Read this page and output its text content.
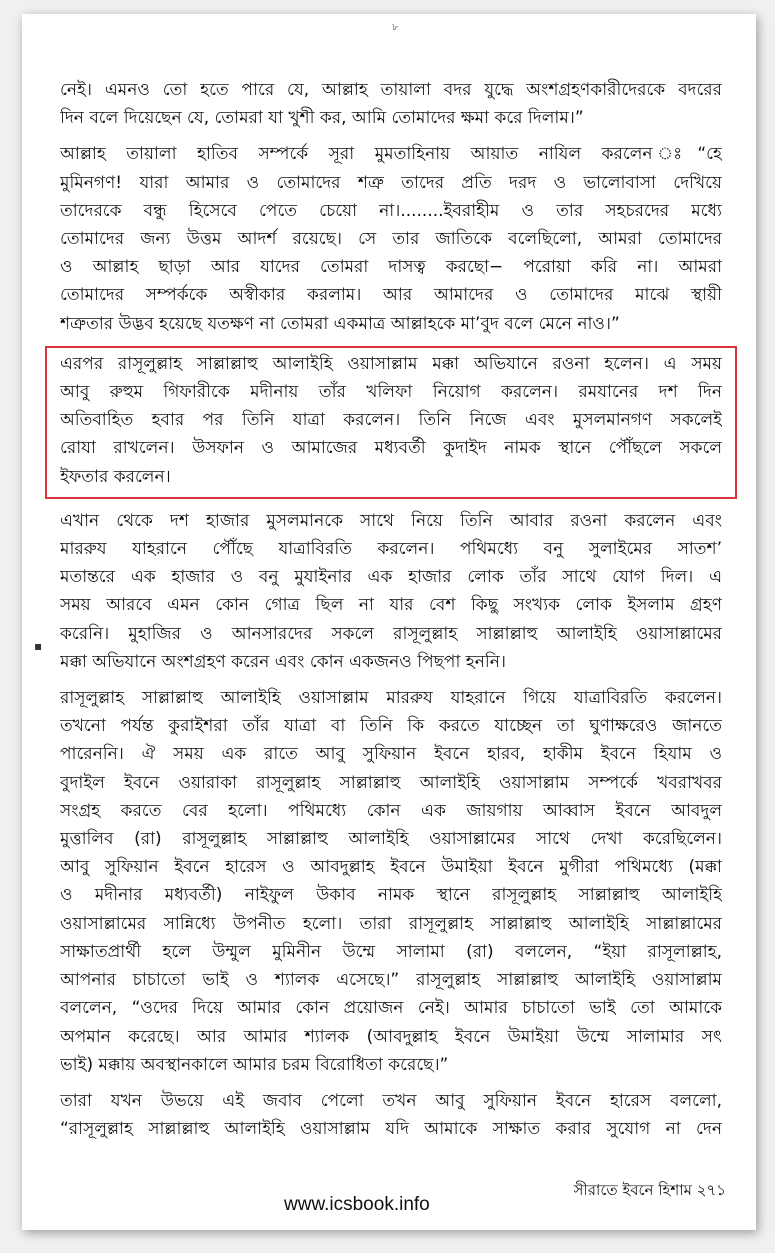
৮
▪

নেই। এমনও তো হতে পারে যে, আল্লাহ তায়ালা বদর যুদ্ধে অংশগ্রহণকারীদেরকে বদরের
দিন বলে দিয়েছেন যে, তোমরা যা খুশী কর, আমি তোমাদের ক্ষমা করে দিলাম।”

আল্লাহ তায়ালা হাতিব সম্পর্কে সূরা মুমতাহিনায় আয়াত নাযিল করলেন ঃ“হে
মুমিনগণ! যারা আমার ও তোমাদের শত্রু তাদের প্রতি দরদ ও ভালোবাসা দেখিয়ে
তাদেরকে বন্ধু হিসেবে পেতে চেয়ো না।........ইবরাহীম ও তার সহচরদের মধ্যে
তোমাদের জন্য উত্তম আদর্শ রয়েছে। সে তার জাতিকে বলেছিলো, আমরা তোমাদের
ও আল্লাহ ছাড়া আর যাদের তোমরা দাসত্ব করছো− পরোয়া করি না। আমরা
তোমাদের সম্পর্ককে অস্বীকার করলাম। আর আমাদের ও তোমাদের মাঝে স্থায়ী
শত্রুতার উদ্ভব হয়েছে যতক্ষণ না তোমরা একমাত্র আল্লাহকে মা’বুদ বলে মেনে নাও।”

এরপর রাসূলুল্লাহ সাল্লাল্লাহু আলাইহি ওয়াসাল্লাম মক্কা অভিযানে রওনা হলেন। এ সময়
আবু রুহুম গিফারীকে মদীনায় তাঁর খলিফা নিয়োগ করলেন। রমযানের দশ দিন
অতিবাহিত হবার পর তিনি যাত্রা করলেন। তিনি নিজে এবং মুসলমানগণ সকলেই
রোযা রাখলেন। উসফান ও আমাজের মধ্যবর্তী কুদাইদ নামক স্থানে পৌঁছলে সকলে
ইফতার করলেন।

এখান থেকে দশ হাজার মুসলমানকে সাথে নিয়ে তিনি আবার রওনা করলেন এবং
মাররুয যাহরানে পৌঁছে যাত্রাবিরতি করলেন। পথিমধ্যে বনু সুলাইমের সাতশ’
মতান্তরে এক হাজার ও বনু মুযাইনার এক হাজার লোক তাঁর সাথে যোগ দিল। এ
সময় আরবে এমন কোন গোত্র ছিল না যার বেশ কিছু সংখ্যক লোক ইসলাম গ্রহণ
করেনি। মুহাজির ও আনসারদের সকলে রাসূলুল্লাহ সাল্লাল্লাহু আলাইহি ওয়াসাল্লামের
মক্কা অভিযানে অংশগ্রহণ করেন এবং কোন একজনও পিছপা হননি।

রাসূলুল্লাহ সাল্লাল্লাহু আলাইহি ওয়াসাল্লাম মাররুয যাহরানে গিয়ে যাত্রাবিরতি করলেন।
তখনো পর্যন্ত কুরাইশরা তাঁর যাত্রা বা তিনি কি করতে যাচ্ছেন তা ঘুণাক্ষরেও জানতে
পারেননি। ঐ সময় এক রাতে আবু সুফিয়ান ইবনে হারব, হাকীম ইবনে হিযাম ও
বুদাইল ইবনে ওয়ারাকা রাসূলুল্লাহ সাল্লাল্লাহু আলাইহি ওয়াসাল্লাম সম্পর্কে খবরাখবর
সংগ্রহ করতে বের হলো। পথিমধ্যে কোন এক জায়গায় আব্বাস ইবনে আবদুল
মুত্তালিব (রা) রাসূলুল্লাহ সাল্লাল্লাহু আলাইহি ওয়াসাল্লামের সাথে দেখা করেছিলেন।
আবু সুফিয়ান ইবনে হারেস ও আবদুল্লাহ ইবনে উমাইয়া ইবনে মুগীরা পথিমধ্যে (মক্কা
ও মদীনার মধ্যবর্তী) নাইফুল উকাব নামক স্থানে রাসূলুল্লাহ সাল্লাল্লাহু আলাইহি
ওয়াসাল্লামের সান্নিধ্যে উপনীত হলো। তারা রাসূলুল্লাহ সাল্লাল্লাহু আলাইহি সাল্লাল্লামের
সাক্ষাতপ্রার্থী হলে উম্মুল মুমিনীন উম্মে সালামা (রা) বললেন, “ইয়া রাসূলাল্লাহ,
আপনার চাচাতো ভাই ও শ্যালক এসেছে।” রাসূলুল্লাহ সাল্লাল্লাহু আলাইহি ওয়াসাল্লাম
বললেন, “ওদের দিয়ে আমার কোন প্রয়োজন নেই। আমার চাচাতো ভাই তো আমাকে
অপমান করেছে। আর আমার শ্যালক (আবদুল্লাহ ইবনে উমাইয়া উম্মে সালামার সৎ
ভাই) মক্কায় অবস্থানকালে আমার চরম বিরোধিতা করেছে।”

তারা যখন উভয়ে এই জবাব পেলো তখন আবু সুফিয়ান ইবনে হারেস বললো,
“রাসূলুল্লাহ সাল্লাল্লাহু আলাইহি ওয়াসাল্লাম যদি আমাকে সাক্ষাত করার সুযোগ না দেন

www.icsbook.info
সীরাতে ইবনে হিশাম ২৭১
